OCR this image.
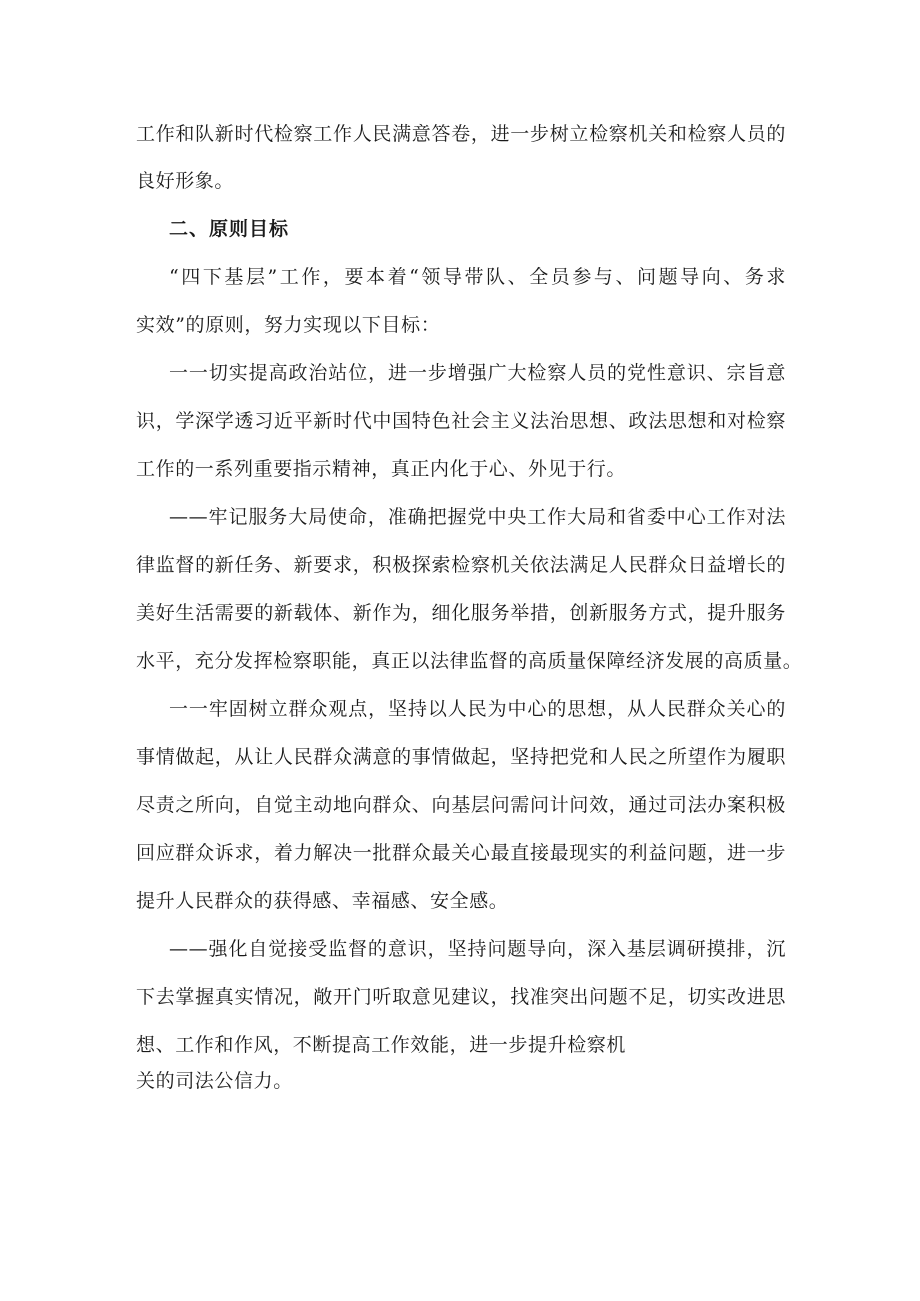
工作和队新时代检察工作人民满意答卷，进一步树立检察机关和检察人员的
良好形象。
二、原则目标
“四下基层”工作，要本着“领导带队、全员参与、问题导向、务求
实效”的原则，努力实现以下目标：
一一切实提高政治站位，进一步增强广大检察人员的党性意识、宗旨意
识，学深学透习近平新时代中国特色社会主义法治思想、政法思想和对检察
工作的一系列重要指示精神，真正内化于心、外见于行。
——牢记服务大局使命，准确把握党中央工作大局和省委中心工作对法
律监督的新任务、新要求，积极探索检察机关依法满足人民群众日益增长的
美好生活需要的新载体、新作为，细化服务举措，创新服务方式，提升服务
水平，充分发挥检察职能，真正以法律监督的高质量保障经济发展的高质量。
一一牢固树立群众观点，坚持以人民为中心的思想，从人民群众关心的
事情做起，从让人民群众满意的事情做起，坚持把党和人民之所望作为履职
尽责之所向，自觉主动地向群众、向基层问需问计问效，通过司法办案积极
回应群众诉求，着力解决一批群众最关心最直接最现实的利益问题，进一步
提升人民群众的获得感、幸福感、安全感。
——强化自觉接受监督的意识，坚持问题导向，深入基层调研摸排，沉
下去掌握真实情况，敞开门听取意见建议，找准突出问题不足，切实改进思
想、工作和作风，不断提高工作效能，进一步提升检察机
关的司法公信力。
